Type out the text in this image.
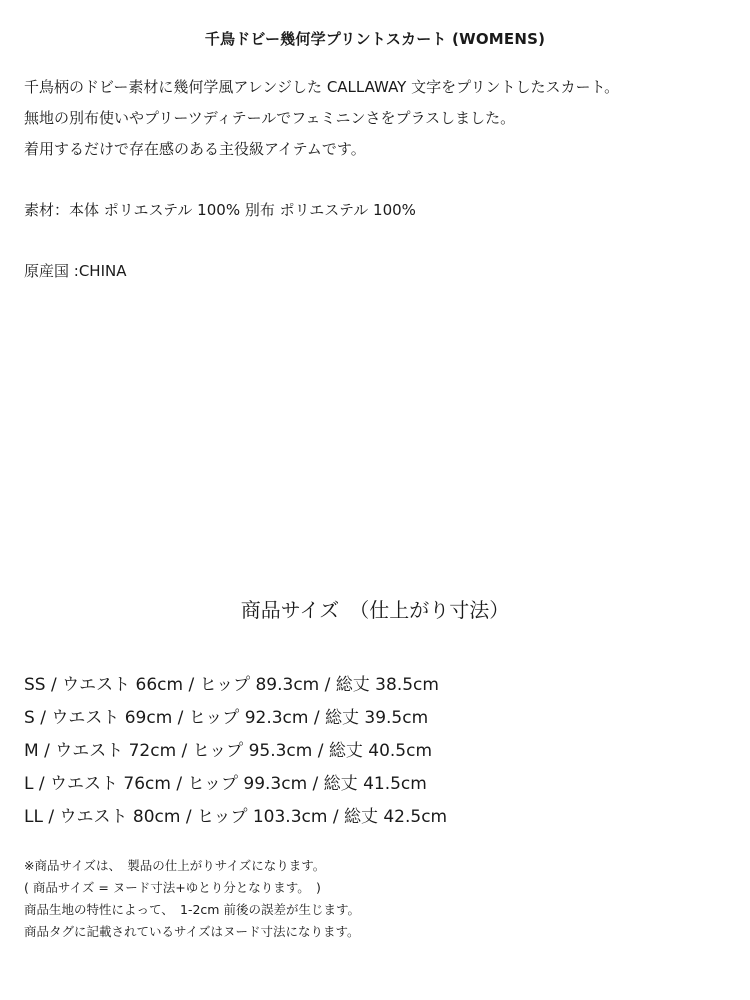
千鳥ドビー幾何学プリントスカート (WOMENS)
千鳥柄のドビー素材に幾何学風アレンジした CALLAWAY 文字をプリントしたスカート。
無地の別布使いやプリーツディテールでフェミニンさをプラスしました。
着用するだけで存在感のある主役級アイテムです。
素材：本体 ポリエステル 100% 別布 ポリエステル 100%
原産国 :CHINA
商品サイズ　（仕上がり寸法）
SS / ウエスト 66cm / ヒップ 89.3cm / 総丈 38.5cm
S / ウエスト 69cm / ヒップ 92.3cm / 総丈 39.5cm
M / ウエスト 72cm / ヒップ 95.3cm / 総丈 40.5cm
L / ウエスト 76cm / ヒップ 99.3cm / 総丈 41.5cm
LL / ウエスト 80cm / ヒップ 103.3cm / 総丈 42.5cm
※商品サイズは、　製品の仕上がりサイズになります。
( 商品サイズ = ヌード寸法+ゆとり分となります。　)
商品生地の特性によって、　1-2cm 前後の誤差が生じます。
商品タグに記載されているサイズはヌード寸法になります。
